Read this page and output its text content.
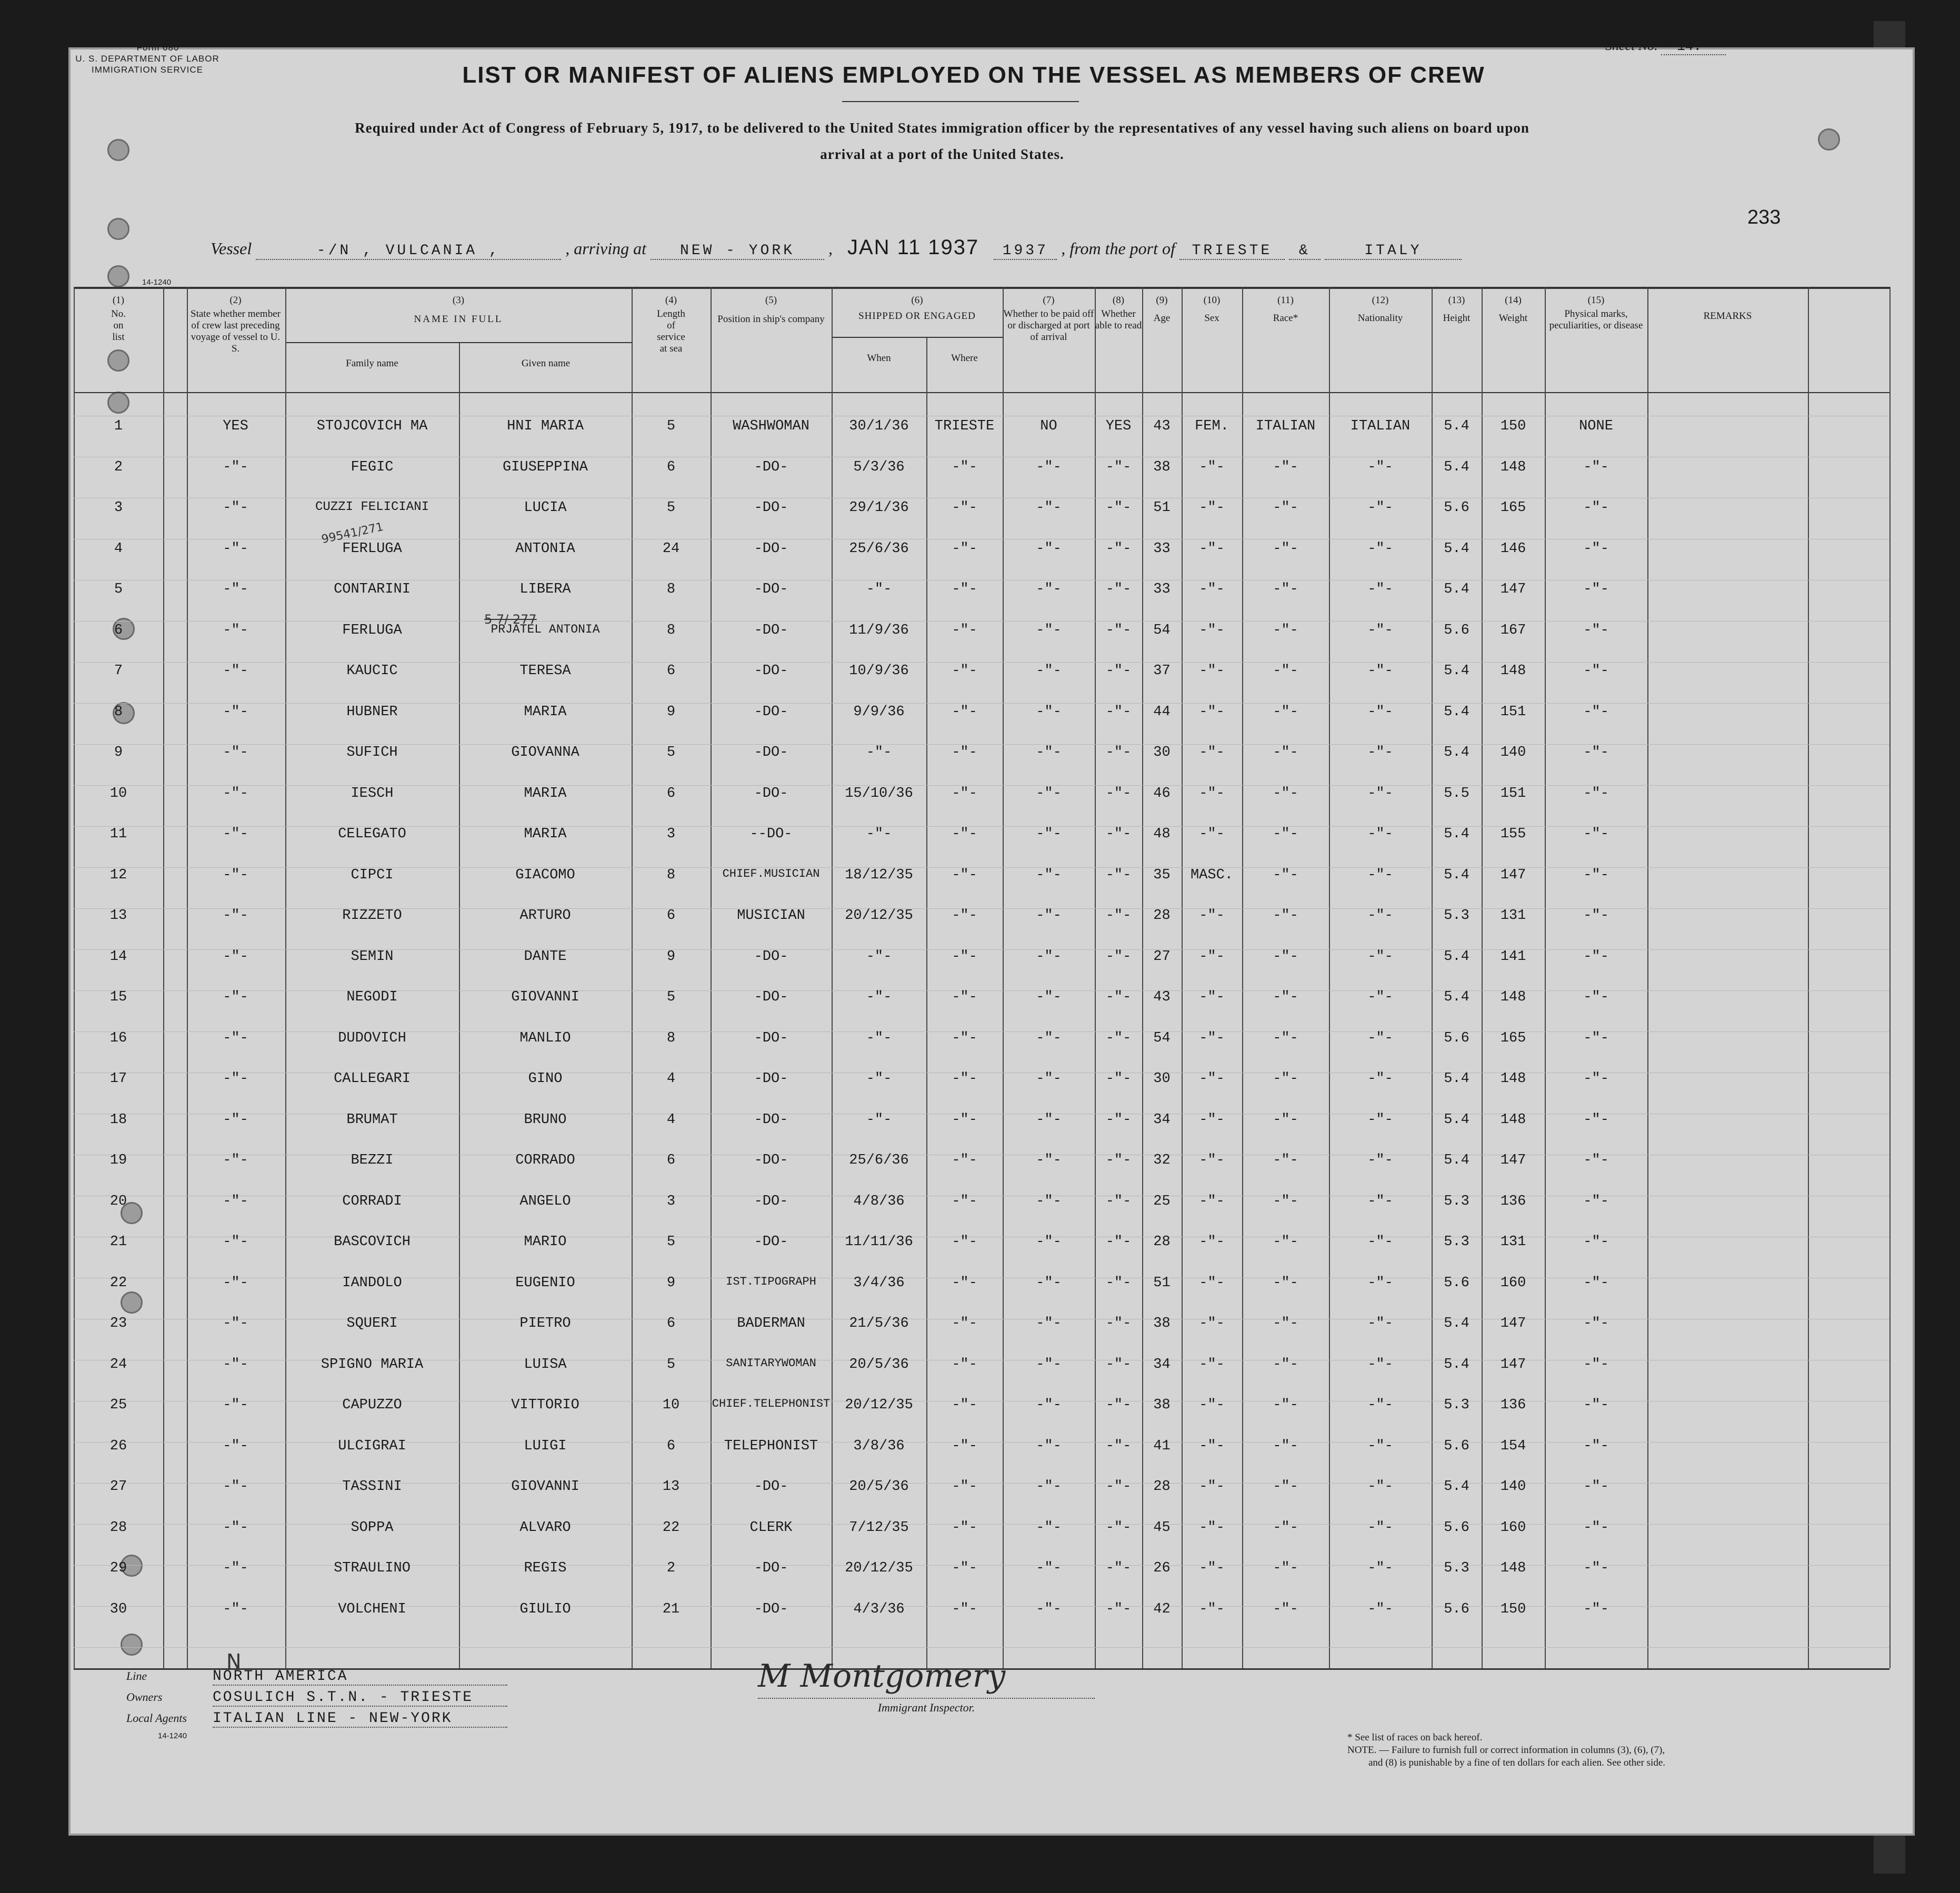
Form 680
U. S. DEPARTMENT OF LABOR
IMMIGRATION SERVICE
Sheet No. 14.-
LIST OR MANIFEST OF ALIENS EMPLOYED ON THE VESSEL AS MEMBERS OF CREW
Required under Act of Congress of February 5, 1917, to be delivered to the United States immigration officer by the representatives of any vessel having such aliens on board upon
arrival at a port of the United States.
233
Vessel	-/N , VULCANIA ,	, arriving at NEW - YORK , JAN 11 1937 1937 , from the port of TRIESTE &	ITALY
14-1240
(1)
No. on list
(2)
State whether member of crew last preceding voyage of vessel to U. S.
(3)
NAME IN FULL
Family name	Given name
(4)
Length of service at sea
(5)
Position in ship's company
(6)
SHIPPED OR ENGAGED
When	Where
(7)
Whether to be paid off or discharged at port of arrival
(8)
Whether able to read
(9)
Age
(10)
Sex
(11)
Race*
(12)
Nationality
(13)
Height
(14)
Weight
(15)
Physical marks, peculiarities, or disease
REMARKS
1	YES	STOJCOVICH MA	HNI MARIA	5	WASHWOMAN	30/1/36	TRIESTE	NO	YES	43	FEM.	ITALIAN	ITALIAN	5.4	150	NONE
2	-"-	FEGIC	GIUSEPPINA	6	-DO-	5/3/36	-"-	-"-	-"-	38	-"-	-"-	-"-	5.4	148	-"-
3	-"-	CUZZI FELICIANI	LUCIA	5	-DO-	29/1/36	-"-	-"-	-"-	51	-"-	-"-	-"-	5.6	165	-"-
4	-"-	FERLUGA	ANTONIA	24	-DO-	25/6/36	-"-	-"-	-"-	33	-"-	-"-	-"-	5.4	146	-"-
5	-"-	CONTARINI	LIBERA	8	-DO-	-"-	-"-	-"-	-"-	33	-"-	-"-	-"-	5.4	147	-"-
6	-"-	FERLUGA	PRJATEL ANTONIA	8	-DO-	11/9/36	-"-	-"-	-"-	54	-"-	-"-	-"-	5.6	167	-"-
7	-"-	KAUCIC	TERESA	6	-DO-	10/9/36	-"-	-"-	-"-	37	-"-	-"-	-"-	5.4	148	-"-
8	-"-	HUBNER	MARIA	9	-DO-	9/9/36	-"-	-"-	-"-	44	-"-	-"-	-"-	5.4	151	-"-
9	-"-	SUFICH	GIOVANNA	5	-DO-	-"-	-"-	-"-	-"-	30	-"-	-"-	-"-	5.4	140	-"-
10	-"-	IESCH	MARIA	6	-DO-	15/10/36	-"-	-"-	-"-	46	-"-	-"-	-"-	5.5	151	-"-
11	-"-	CELEGATO	MARIA	3	--DO-	-"-	-"-	-"-	-"-	48	-"-	-"-	-"-	5.4	155	-"-
12	-"-	CIPCI	GIACOMO	8	CHIEF.MUSICIAN	18/12/35	-"-	-"-	-"-	35	MASC.	-"-	-"-	5.4	147	-"-
13	-"-	RIZZETO	ARTURO	6	MUSICIAN	20/12/35	-"-	-"-	-"-	28	-"-	-"-	-"-	5.3	131	-"-
14	-"-	SEMIN	DANTE	9	-DO-	-"-	-"-	-"-	-"-	27	-"-	-"-	-"-	5.4	141	-"-
15	-"-	NEGODI	GIOVANNI	5	-DO-	-"-	-"-	-"-	-"-	43	-"-	-"-	-"-	5.4	148	-"-
16	-"-	DUDOVICH	MANLIO	8	-DO-	-"-	-"-	-"-	-"-	54	-"-	-"-	-"-	5.6	165	-"-
17	-"-	CALLEGARI	GINO	4	-DO-	-"-	-"-	-"-	-"-	30	-"-	-"-	-"-	5.4	148	-"-
18	-"-	BRUMAT	BRUNO	4	-DO-	-"-	-"-	-"-	-"-	34	-"-	-"-	-"-	5.4	148	-"-
19	-"-	BEZZI	CORRADO	6	-DO-	25/6/36	-"-	-"-	-"-	32	-"-	-"-	-"-	5.4	147	-"-
20	-"-	CORRADI	ANGELO	3	-DO-	4/8/36	-"-	-"-	-"-	25	-"-	-"-	-"-	5.3	136	-"-
21	-"-	BASCOVICH	MARIO	5	-DO-	11/11/36	-"-	-"-	-"-	28	-"-	-"-	-"-	5.3	131	-"-
22	-"-	IANDOLO	EUGENIO	9	IST.TIPOGRAPH	3/4/36	-"-	-"-	-"-	51	-"-	-"-	-"-	5.6	160	-"-
23	-"-	SQUERI	PIETRO	6	BADERMAN	21/5/36	-"-	-"-	-"-	38	-"-	-"-	-"-	5.4	147	-"-
24	-"-	SPIGNO MARIA	LUISA	5	SANITARYWOMAN	20/5/36	-"-	-"-	-"-	34	-"-	-"-	-"-	5.4	147	-"-
25	-"-	CAPUZZO	VITTORIO	10	CHIEF.TELEPHONIST	20/12/35	-"-	-"-	-"-	38	-"-	-"-	-"-	5.3	136	-"-
26	-"-	ULCIGRAI	LUIGI	6	TELEPHONIST	3/8/36	-"-	-"-	-"-	41	-"-	-"-	-"-	5.6	154	-"-
27	-"-	TASSINI	GIOVANNI	13	-DO-	20/5/36	-"-	-"-	-"-	28	-"-	-"-	-"-	5.4	140	-"-
28	-"-	SOPPA	ALVARO	22	CLERK	7/12/35	-"-	-"-	-"-	45	-"-	-"-	-"-	5.6	160	-"-
29	-"-	STRAULINO	REGIS	2	-DO-	20/12/35	-"-	-"-	-"-	26	-"-	-"-	-"-	5.3	148	-"-
30	-"-	VOLCHENI	GIULIO	21	-DO-	4/3/36	-"-	-"-	-"-	42	-"-	-"-	-"-	5.6	150	-"-
99541/271
5 7/ 277
N
Line	NORTH AMERICA
Owners	COSULICH S.T.N. - TRIESTE
Local Agents ITALIAN LINE - NEW-YORK
14-1240
M Montgomery
Immigrant Inspector.
* See list of races on back hereof.
NOTE. — Failure to furnish full or correct information in columns (3), (6), (7),
and (8) is punishable by a fine of ten dollars for each alien. See other side.
